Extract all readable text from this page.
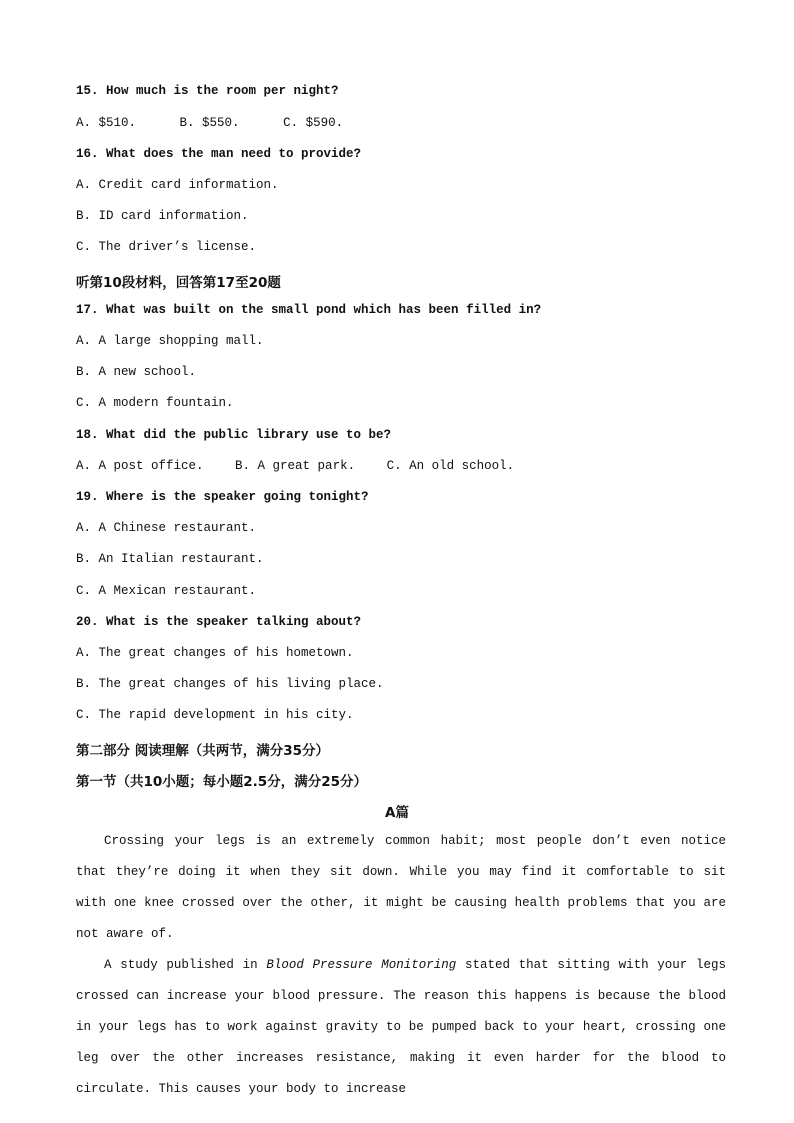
15. How much is the room per night?
A. $510.	B. $550.	C. $590.
16. What does the man need to provide?
A. Credit card information.
B. ID card information.
C. The driver’s license.
听第10段材料，回答第17至20题
17. What was built on the small pond which has been filled in?
A. A large shopping mall.
B. A new school.
C. A modern fountain.
18. What did the public library use to be?
A. A post office.	B. A great park.	C. An old school.
19. Where is the speaker going tonight?
A. A Chinese restaurant.
B. An Italian restaurant.
C. A Mexican restaurant.
20. What is the speaker talking about?
A. The great changes of his hometown.
B. The great changes of his living place.
C. The rapid development in his city.
第二部分 阅读理解（共两节，满分35分）
第一节（共10小题；每小题2.5分，满分25分）
A篇

Crossing your legs is an extremely common habit; most people don’t even notice that they’re doing it when they sit down. While you may find it comfortable to sit with one knee crossed over the other, it might be causing health problems that you are not aware of.

A study published in Blood Pressure Monitoring stated that sitting with your legs crossed can increase your blood pressure. The reason this happens is because the blood in your legs has to work against gravity to be pumped back to your heart, crossing one leg over the other increases resistance, making it even harder for the blood to circulate. This causes your body to increase
